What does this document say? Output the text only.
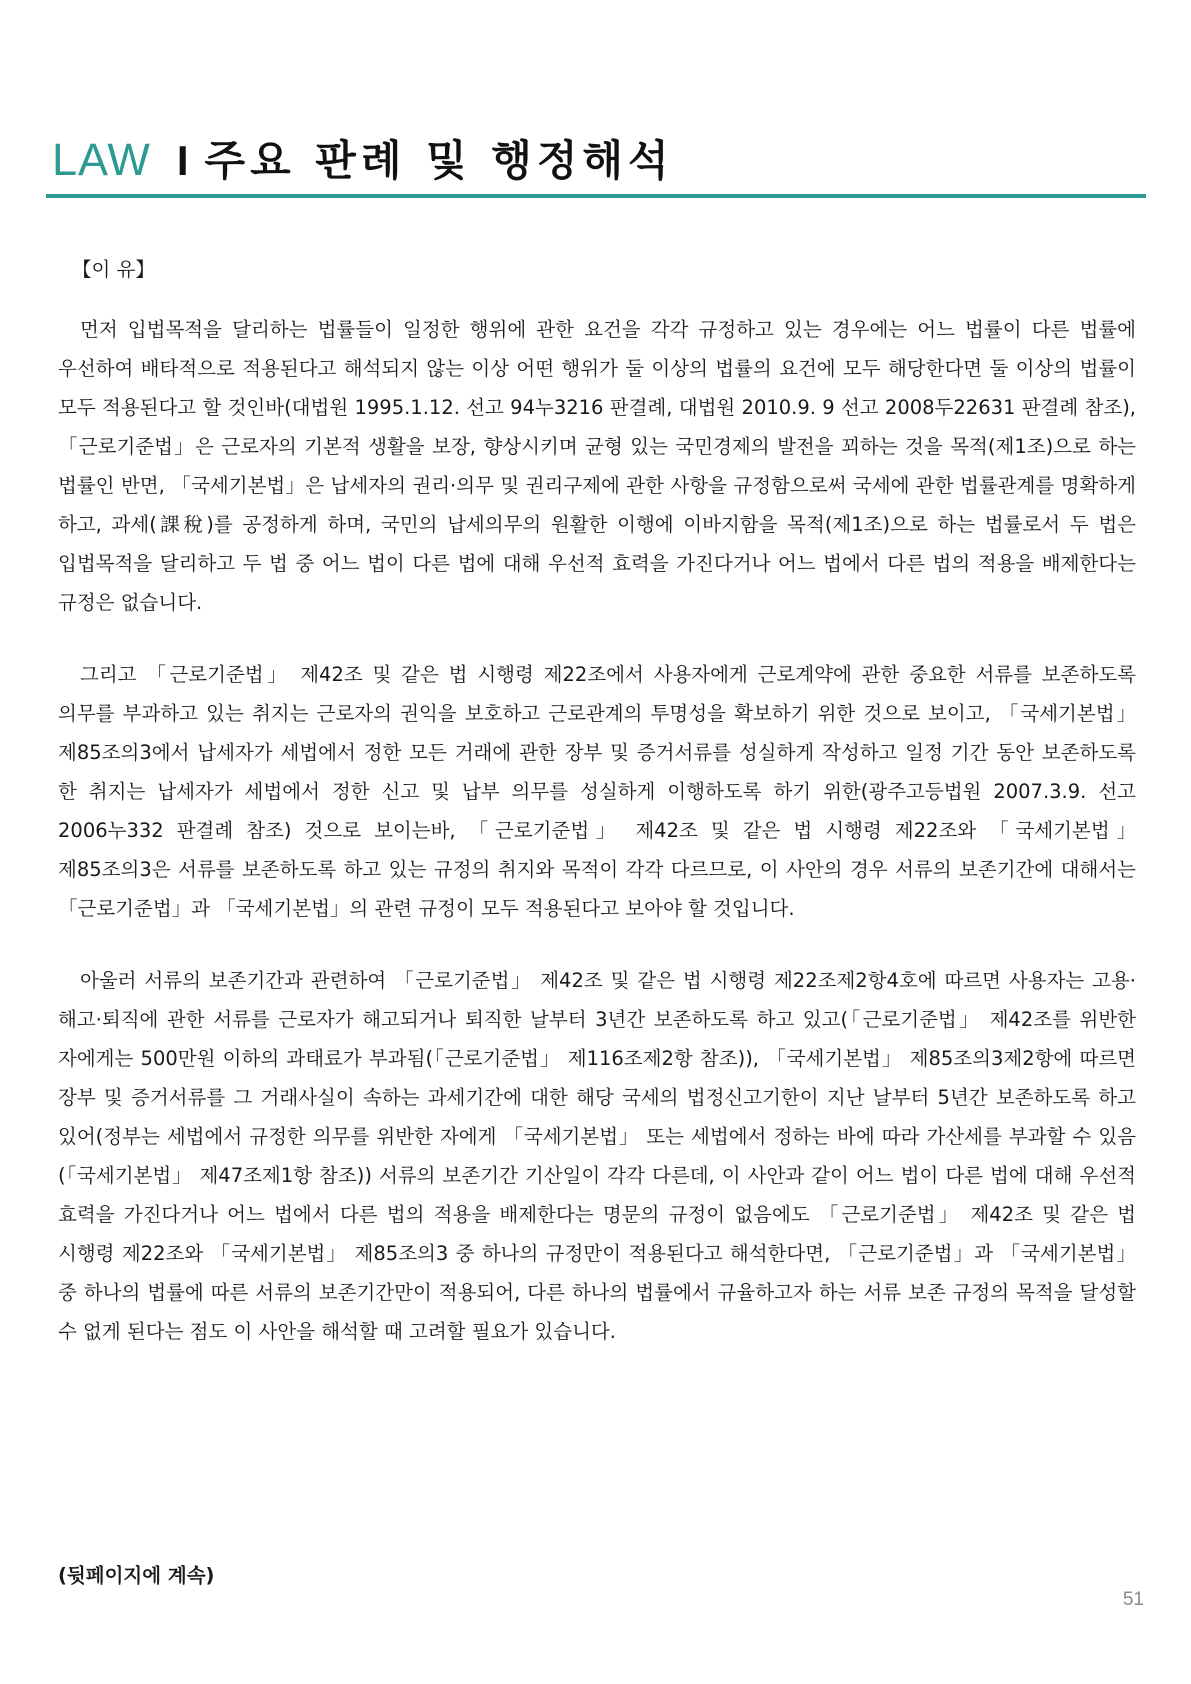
LAW I 주요 판례 및 행정해석
【이 유】

먼저 입법목적을 달리하는 법률들이 일정한 행위에 관한 요건을 각각 규정하고 있는 경우에는 어느 법률이 다른 법률에 우선하여 배타적으로 적용된다고 해석되지 않는 이상 어떤 행위가 둘 이상의 법률의 요건에 모두 해당한다면 둘 이상의 법률이 모두 적용된다고 할 것인바(대법원 1995.1.12. 선고 94누3216 판결례, 대법원 2010.9. 9 선고 2008두22631 판결례 참조), 「근로기준법」은 근로자의 기본적 생활을 보장, 향상시키며 균형 있는 국민경제의 발전을 꾀하는 것을 목적(제1조)으로 하는 법률인 반면, 「국세기본법」은 납세자의 권리·의무 및 권리구제에 관한 사항을 규정함으로써 국세에 관한 법률관계를 명확하게 하고, 과세(課稅)를 공정하게 하며, 국민의 납세의무의 원활한 이행에 이바지함을 목적(제1조)으로 하는 법률로서 두 법은 입법목적을 달리하고 두 법 중 어느 법이 다른 법에 대해 우선적 효력을 가진다거나 어느 법에서 다른 법의 적용을 배제한다는 규정은 없습니다.

그리고 「근로기준법」 제42조 및 같은 법 시행령 제22조에서 사용자에게 근로계약에 관한 중요한 서류를 보존하도록 의무를 부과하고 있는 취지는 근로자의 권익을 보호하고 근로관계의 투명성을 확보하기 위한 것으로 보이고, 「국세기본법」 제85조의3에서 납세자가 세법에서 정한 모든 거래에 관한 장부 및 증거서류를 성실하게 작성하고 일정 기간 동안 보존하도록 한 취지는 납세자가 세법에서 정한 신고 및 납부 의무를 성실하게 이행하도록 하기 위한(광주고등법원 2007.3.9. 선고 2006누332 판결례 참조) 것으로 보이는바, 「근로기준법」 제42조 및 같은 법 시행령 제22조와 「국세기본법」 제85조의3은 서류를 보존하도록 하고 있는 규정의 취지와 목적이 각각 다르므로, 이 사안의 경우 서류의 보존기간에 대해서는 「근로기준법」과 「국세기본법」의 관련 규정이 모두 적용된다고 보아야 할 것입니다.

아울러 서류의 보존기간과 관련하여 「근로기준법」 제42조 및 같은 법 시행령 제22조제2항4호에 따르면 사용자는 고용·해고·퇴직에 관한 서류를 근로자가 해고되거나 퇴직한 날부터 3년간 보존하도록 하고 있고(「근로기준법」 제42조를 위반한 자에게는 500만원 이하의 과태료가 부과됨(「근로기준법」 제116조제2항 참조)), 「국세기본법」 제85조의3제2항에 따르면 장부 및 증거서류를 그 거래사실이 속하는 과세기간에 대한 해당 국세의 법정신고기한이 지난 날부터 5년간 보존하도록 하고 있어(정부는 세법에서 규정한 의무를 위반한 자에게 「국세기본법」 또는 세법에서 정하는 바에 따라 가산세를 부과할 수 있음(「국세기본법」 제47조제1항 참조)) 서류의 보존기간 기산일이 각각 다른데, 이 사안과 같이 어느 법이 다른 법에 대해 우선적 효력을 가진다거나 어느 법에서 다른 법의 적용을 배제한다는 명문의 규정이 없음에도 「근로기준법」 제42조 및 같은 법 시행령 제22조와 「국세기본법」 제85조의3 중 하나의 규정만이 적용된다고 해석한다면, 「근로기준법」과 「국세기본법」 중 하나의 법률에 따른 서류의 보존기간만이 적용되어, 다른 하나의 법률에서 규율하고자 하는 서류 보존 규정의 목적을 달성할 수 없게 된다는 점도 이 사안을 해석할 때 고려할 필요가 있습니다.

(뒷페이지에 계속)
51
